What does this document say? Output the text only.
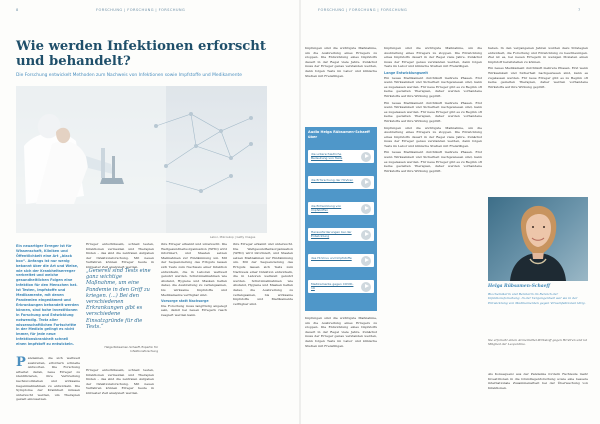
8	FORSCHUNG | FORSCHUNG | FORSCHUNG
Wie werden Infektionen erforscht und behandelt?
Die Forschung entwickelt Methoden zum Nachweis von Infektionen sowie Impfstoffe und Medikamente
Labor, Mikroskop | Getty Images
Ein neuartiger Erreger ist für Wissenschaft, Kliniken und Öffentlichkeit eine Art „black box“. Anfangs ist nur wenig bekannt über die Art und Weise, wie sich der Krankheitserreger verbreitet und welche gesundheitlichen Folgen eine Infektion für den Menschen hat. Ist Testen, Impfstoffe und Medikamente, mit denen Pandemien eingedämmt und Erkrankungen behandelt werden können, sind hohe Investitionen in Forschung und Entwicklung notwendig. Trotz aller wissenschaftlichen Fortschritte in der Medizin gelingt es nicht immer, für jede neue Infektionskrankheit schnell einen Impfstoff zu entwickeln.
P andemien, die sich weltweit ausbreiten, erfordern schnelle Antworten. Die Forschung arbeitet daran, neue Erreger zu identifizieren, ihre Verbreitung nachzuvollziehen und wirksame Gegenmaßnahmen zu entwickeln. Die Symptome der Krankheit müssen untersucht werden, um Therapien gezielt einzusetzen.
Erreger entschlüsseln, schnell testen, Infektionen vermeiden und Therapien finden – das sind die zentralen Aufgaben der Infektionsforschung. Mit neuen Verfahren können Erreger heute in kürzester Zeit analysiert werden.
„Generell sind Tests eine ganz wichtige Maßnahme, um eine Pandemie in den Griff zu kriegen. (...) Bei den verschiedenen Erkrankungen gibt es verschiedene Einsatzgründe für die Tests.“
Helga Rübsamen-Schaeff, Expertin für Infektionsforschung
Erreger entschlüsseln, schnell testen, Infektionen vermeiden und Therapien finden – das sind die zentralen Aufgaben der Infektionsforschung. Mit neuen Verfahren können Erreger heute in kürzester Zeit analysiert werden.

ihre Erreger erkannt und untersucht. Die Weltgesundheitsorganisation (WHO) wird informiert, und Staaten setzen Maßnahmen zur Eindämmung um. Mit der Sequenzierung des Erbguts lassen sich Tests zum Nachweis einer Infektion entwickeln, die in Laboren weltweit genutzt werden. Schutzmaßnahmen wie Abstand, Hygiene und Masken helfen dabei, die Ausbreitung zu verlangsamen, bis wirksame Impfstoffe und Medikamente verfügbar sind.

Vorsorge statt Nachsorge

Die Forschung muss langfristig angelegt sein, damit bei neuen Erregern rasch reagiert werden kann.

ihre Erreger erkannt und untersucht. Die Weltgesundheitsorganisation (WHO) wird informiert, und Staaten setzen Maßnahmen zur Eindämmung um. Mit der Sequenzierung des Erbguts lassen sich Tests zum Nachweis einer Infektion entwickeln, die in Laboren weltweit genutzt werden. Schutzmaßnahmen wie Abstand, Hygiene und Masken helfen dabei, die Ausbreitung zu verlangsamen, bis wirksame Impfstoffe und Medikamente verfügbar sind.
FORSCHUNG | FORSCHUNG | FORSCHUNG	7
Impfungen sind die wichtigste Maßnahme, um die Ausbreitung eines Erregers zu stoppen. Die Entwicklung eines Impfstoffs dauert in der Regel viele Jahre. Zunächst muss der Erreger genau verstanden werden, dann folgen Tests im Labor und klinische Studien mit Freiwilligen.
Audio Helga Rübsamen-Schaeff über
die unterschiedliche Bedeutung von Tests
die Erforschung der HI-Viren
die Entwicklung von Impfstoffen
Herausforderungen bei der Entwicklung
das HI-Virus und Impfstoffe
Medikamente gegen COVID-19
Impfungen sind die wichtigste Maßnahme, um die Ausbreitung eines Erregers zu stoppen. Die Entwicklung eines Impfstoffs dauert in der Regel viele Jahre. Zunächst muss der Erreger genau verstanden werden, dann folgen Tests im Labor und klinische Studien mit Freiwilligen.

Impfungen sind die wichtigste Maßnahme, um die Ausbreitung eines Erregers zu stoppen. Die Entwicklung eines Impfstoffs dauert in der Regel viele Jahre. Zunächst muss der Erreger genau verstanden werden, dann folgen Tests im Labor und klinische Studien mit Freiwilligen.

Lange Entwicklungszeit

Ein neues Medikament durchläuft mehrere Phasen. Erst wenn Wirksamkeit und Sicherheit nachgewiesen sind, kann es zugelassen werden. Für neue Erreger gibt es zu Beginn oft keine gezielten Therapien, daher werden vorhandene Wirkstoffe auf ihre Wirkung geprüft.

Ein neues Medikament durchläuft mehrere Phasen. Erst wenn Wirksamkeit und Sicherheit nachgewiesen sind, kann es zugelassen werden. Für neue Erreger gibt es zu Beginn oft keine gezielten Therapien, daher werden vorhandene Wirkstoffe auf ihre Wirkung geprüft.

Impfungen sind die wichtigste Maßnahme, um die Ausbreitung eines Erregers zu stoppen. Die Entwicklung eines Impfstoffs dauert in der Regel viele Jahre. Zunächst muss der Erreger genau verstanden werden, dann folgen Tests im Labor und klinische Studien mit Freiwilligen.

Ein neues Medikament durchläuft mehrere Phasen. Erst wenn Wirksamkeit und Sicherheit nachgewiesen sind, kann es zugelassen werden. Für neue Erreger gibt es zu Beginn oft keine gezielten Therapien, daher werden vorhandene Wirkstoffe auf ihre Wirkung geprüft.

haben. In den vergangenen Jahren wurden dazu Strategien entwickelt, die Forschung und Entwicklung zu beschleunigen. Ziel ist es, bei neuen Erregern in wenigen Monaten einen Impfstoff bereitstellen zu können.

Ein neues Medikament durchläuft mehrere Phasen. Erst wenn Wirksamkeit und Sicherheit nachgewiesen sind, kann es zugelassen werden. Für neue Erreger gibt es zu Beginn oft keine gezielten Therapien, daher werden vorhandene Wirkstoffe auf ihre Wirkung geprüft.

Helga Rübsamen-Schaeff
Biochemikerin und Beraterin im Bereich der Infektionsforschung. In der Vergangenheit war sie in der Entwicklung von Medikamenten gegen Virusinfektionen tätig.
Sie erforscht einen Arzneimittel-Wirkstoff gegen HI-Viren und ist Mitglied der Leopoldina.
Als Konsequenz aus der Pandemie fordern Fachleute mehr Investitionen in die Grundlagenforschung sowie eine bessere internationale Zusammenarbeit bei der Überwachung von Infektionen.
